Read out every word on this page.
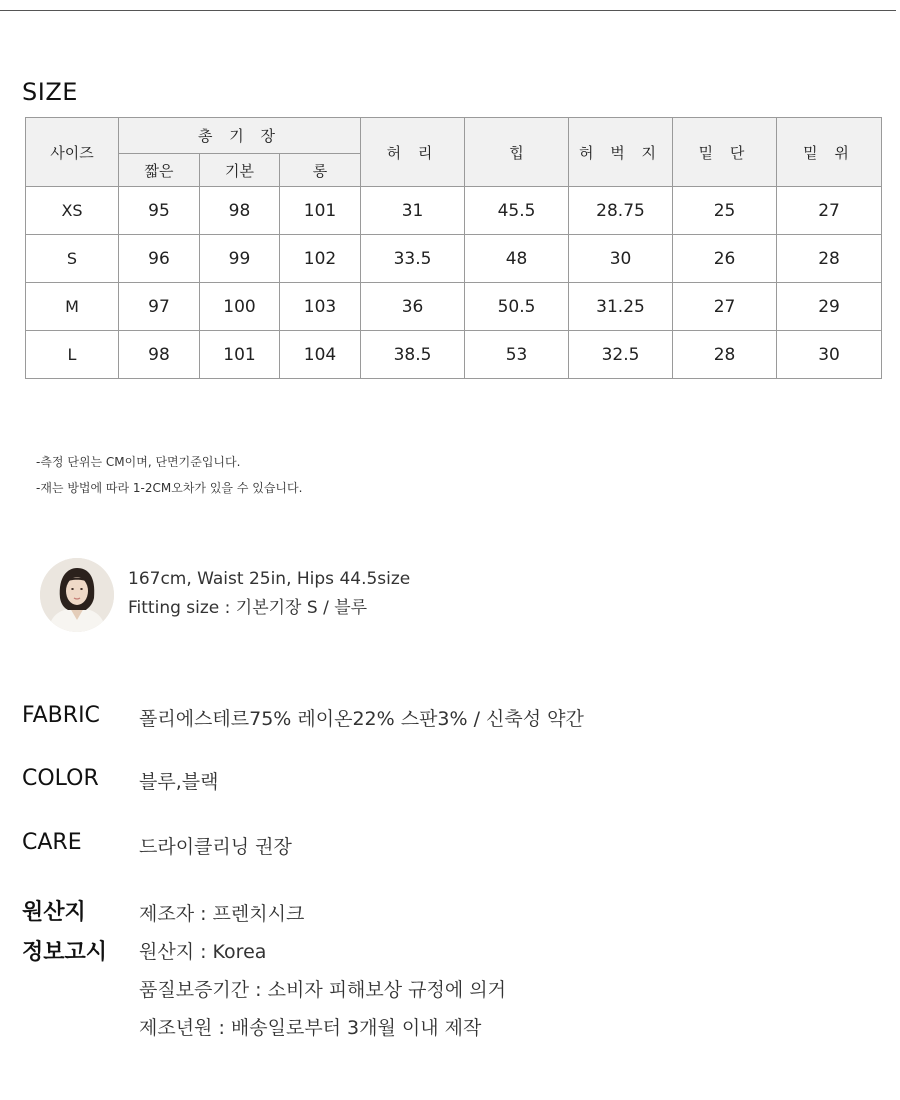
SIZE
사이즈	총 기 장			허 리	힙	허 벅 지	밑 단	밑 위
	짧은	기본	롱					
XS	95	98	101	31	45.5	28.75	25	27
S	96	99	102	33.5	48	30	26	28
M	97	100	103	36	50.5	31.25	27	29
L	98	101	104	38.5	53	32.5	28	30
-측정 단위는 CM이며, 단면기준입니다.
-재는 방법에 따라 1-2CM오차가 있을 수 있습니다.
167cm, Waist 25in, Hips 44.5size
Fitting size : 기본기장 S / 블루
FABRIC 폴리에스테르75% 레이온22% 스판3% / 신축성 약간
COLOR 블루,블랙
CARE	드라이클리닝 권장
원산지
정보고시
제조자 : 프렌치시크
원산지 : Korea
품질보증기간 : 소비자 피해보상 규정에 의거
제조년원 : 배송일로부터 3개월 이내 제작
